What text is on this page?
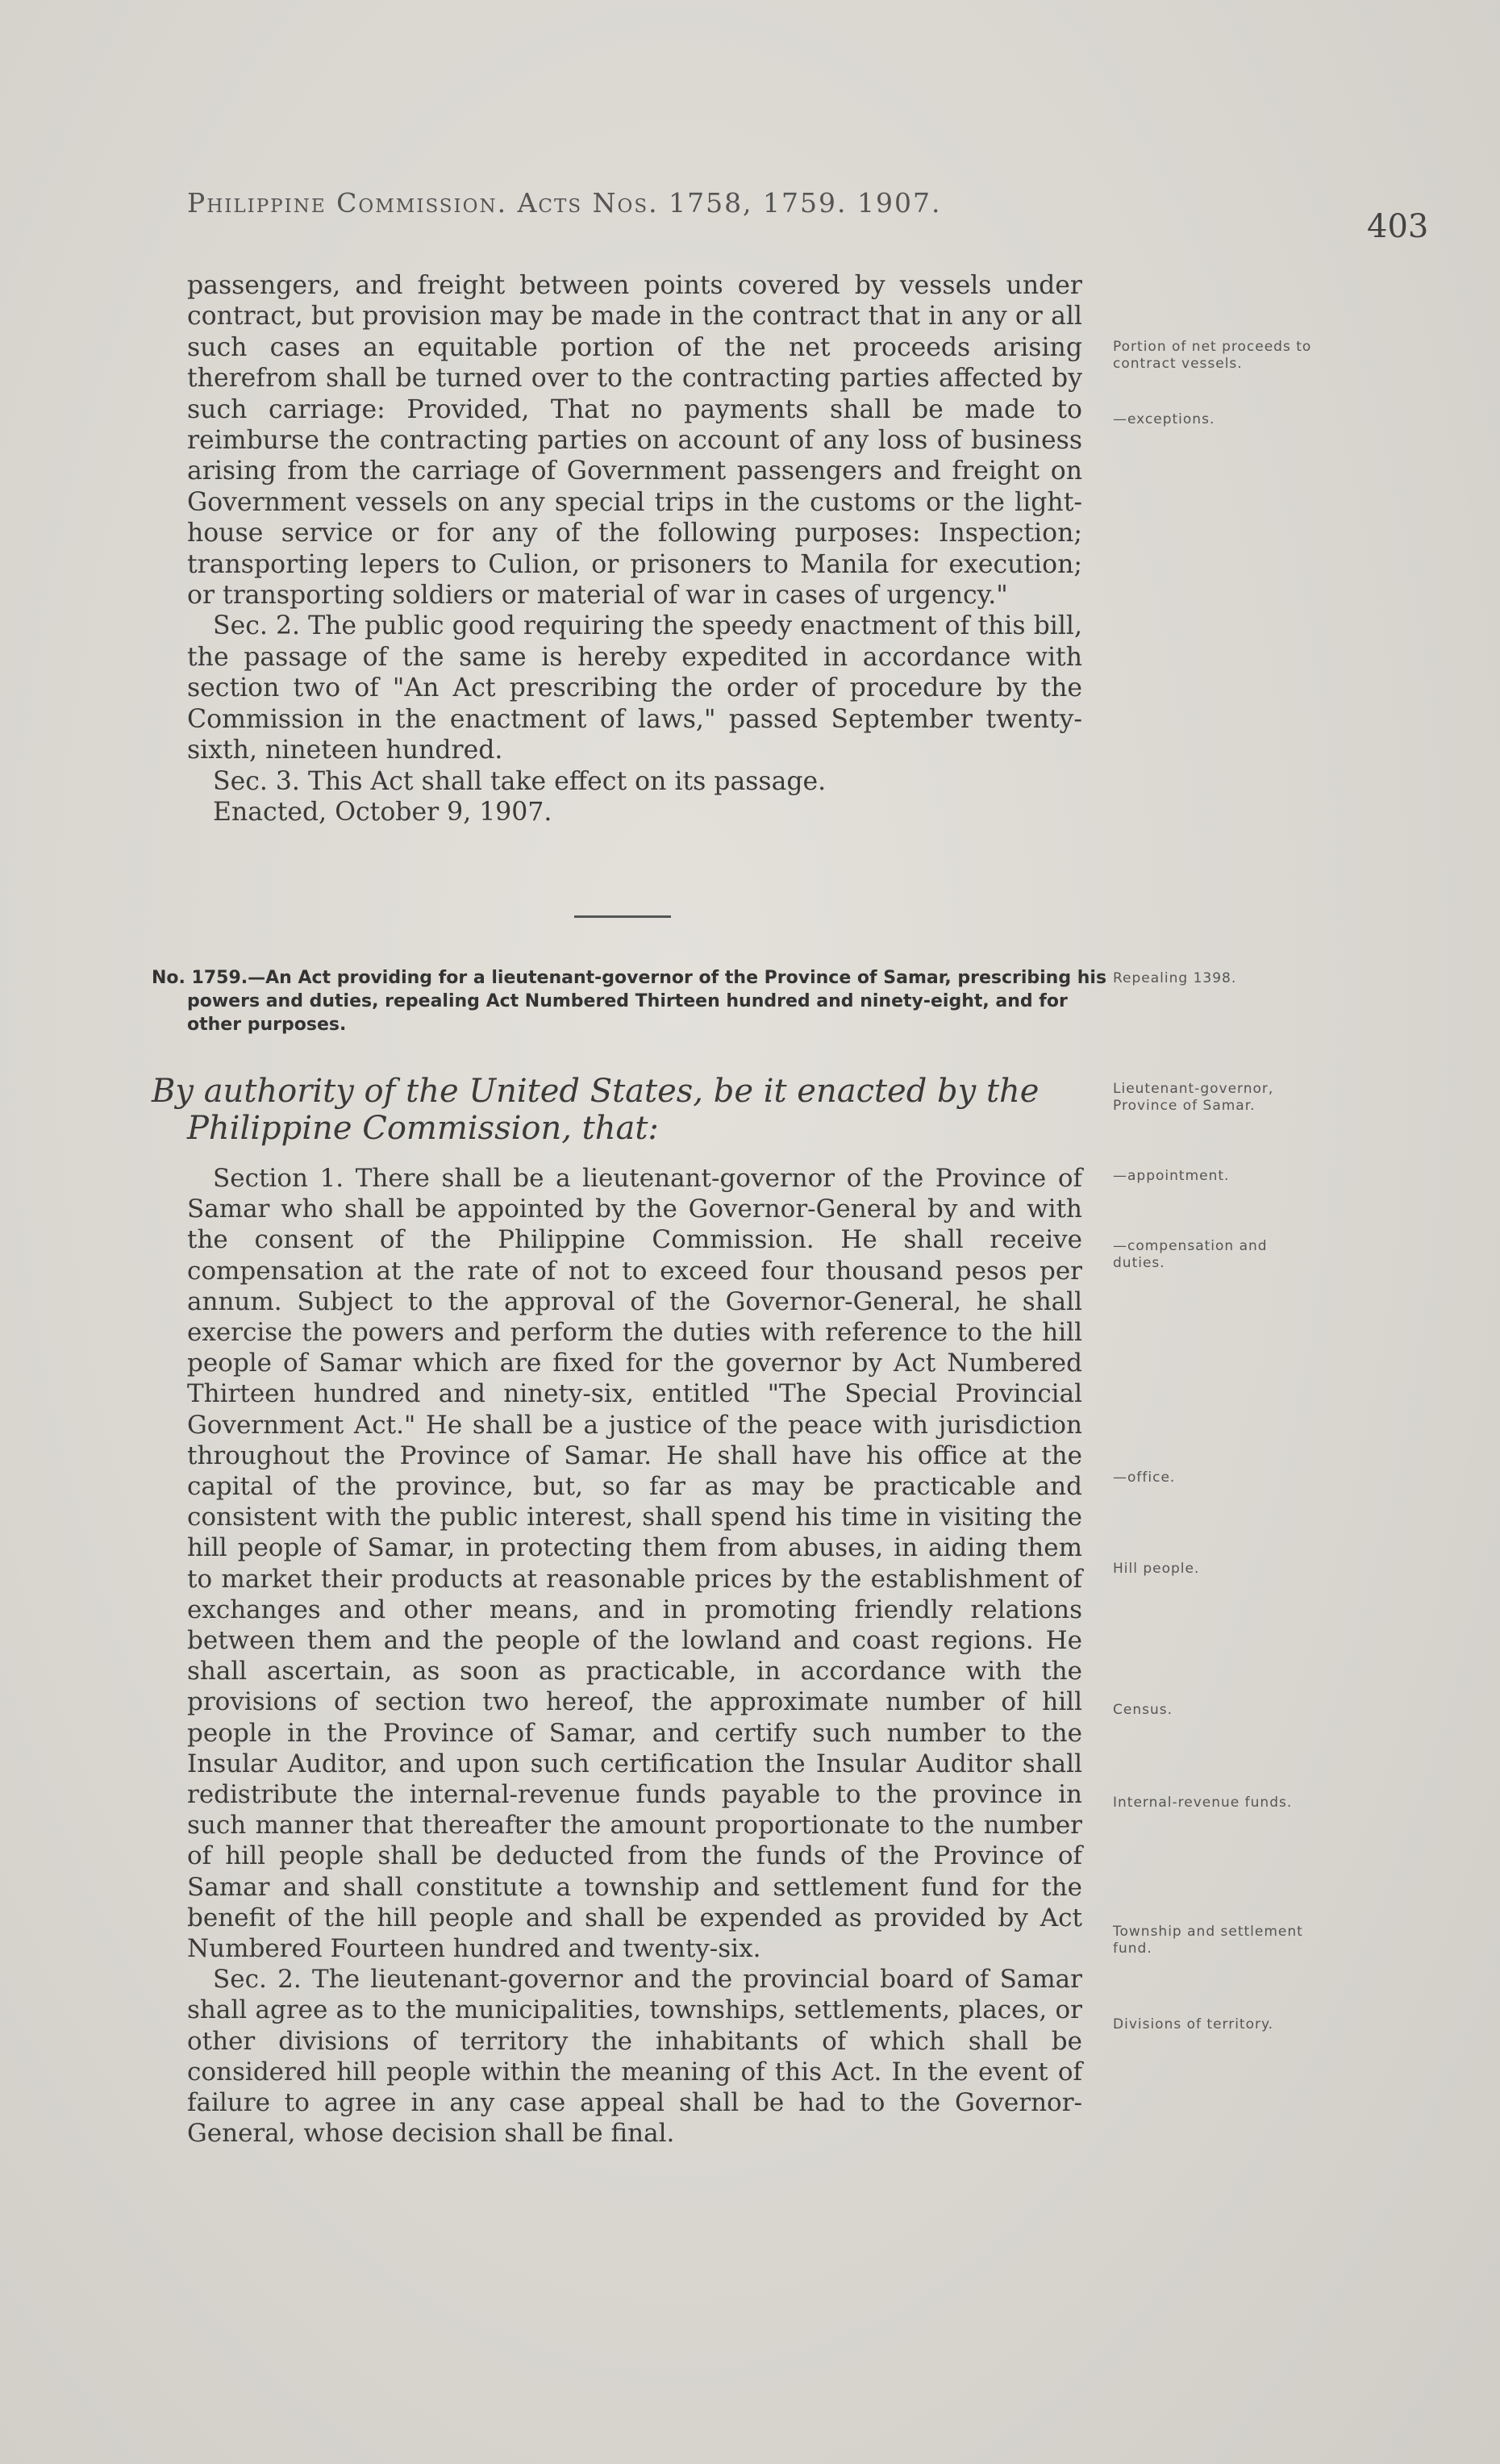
Philippine Commission. Acts Nos. 1758, 1759. 1907.
403

passengers, and freight between points covered by vessels under contract, but provision may be made in the contract that in any or all such cases an equitable portion of the net proceeds arising therefrom shall be turned over to the contracting parties affected by such carriage: Provided, That no payments shall be made to reimburse the contracting parties on account of any loss of business arising from the carriage of Government passengers and freight on Government vessels on any special trips in the customs or the light-house service or for any of the following purposes: Inspection; transporting lepers to Culion, or prisoners to Manila for execution; or transporting soldiers or material of war in cases of urgency."

Sec. 2. The public good requiring the speedy enactment of this bill, the passage of the same is hereby expedited in accordance with section two of "An Act prescribing the order of procedure by the Commission in the enactment of laws," passed September twenty-sixth, nineteen hundred.

Sec. 3. This Act shall take effect on its passage.

Enacted, October 9, 1907.

No. 1759.—An Act providing for a lieutenant-governor of the Province of Samar, prescribing his powers and duties, repealing Act Numbered Thirteen hundred and ninety-eight, and for other purposes.
By authority of the United States, be it enacted by the Philippine Commission, that:

Section 1. There shall be a lieutenant-governor of the Province of Samar who shall be appointed by the Governor-General by and with the consent of the Philippine Commission. He shall receive compensation at the rate of not to exceed four thousand pesos per annum. Subject to the approval of the Governor-General, he shall exercise the powers and perform the duties with reference to the hill people of Samar which are fixed for the governor by Act Numbered Thirteen hundred and ninety-six, entitled "The Special Provincial Government Act." He shall be a justice of the peace with jurisdiction throughout the Province of Samar. He shall have his office at the capital of the province, but, so far as may be practicable and consistent with the public interest, shall spend his time in visiting the hill people of Samar, in protecting them from abuses, in aiding them to market their products at reasonable prices by the establishment of exchanges and other means, and in promoting friendly relations between them and the people of the lowland and coast regions. He shall ascertain, as soon as practicable, in accordance with the provisions of section two hereof, the approximate number of hill people in the Province of Samar, and certify such number to the Insular Auditor, and upon such certification the Insular Auditor shall redistribute the internal-revenue funds payable to the province in such manner that thereafter the amount proportionate to the number of hill people shall be deducted from the funds of the Province of Samar and shall constitute a township and settlement fund for the benefit of the hill people and shall be expended as provided by Act Numbered Fourteen hundred and twenty-six.

Sec. 2. The lieutenant-governor and the provincial board of Samar shall agree as to the municipalities, townships, settlements, places, or other divisions of territory the inhabitants of which shall be considered hill people within the meaning of this Act. In the event of failure to agree in any case appeal shall be had to the Governor-General, whose decision shall be final.

Portion of net proceeds to contract vessels.
—exceptions.
Repealing 1398.
Lieutenant-governor, Province of Samar.
—appointment.
—compensation and duties.
—office.
Hill people.
Census.
Internal-revenue funds.
Township and settlement fund.
Divisions of territory.
